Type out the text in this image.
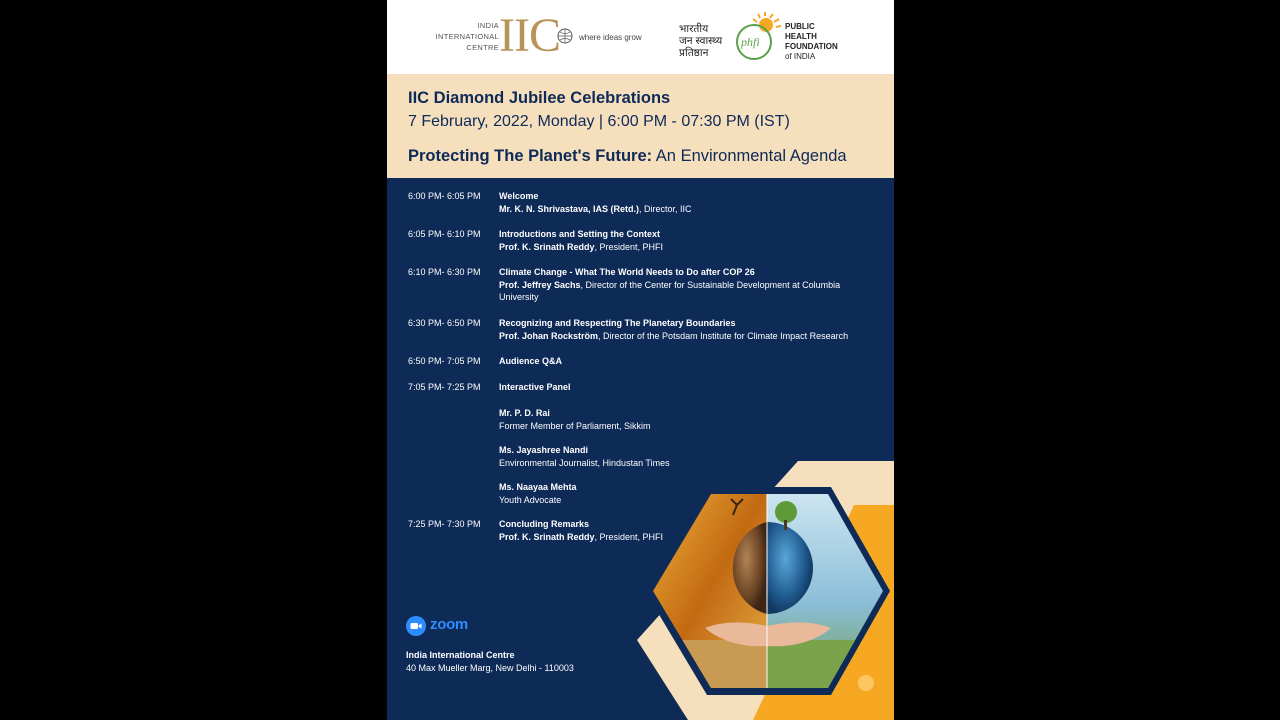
INDIA
INTERNATIONAL
CENTRE IIC where ideas grow
भारतीय
जन स्वास्थ्य
प्रतिष्ठान
phfi
PUBLIC
HEALTH
FOUNDATION
of INDIA
IIC Diamond Jubilee Celebrations
7 February, 2022, Monday | 6:00 PM - 07:30 PM (IST)
Protecting The Planet's Future: An Environmental Agenda
6:00 PM- 6:05 PM	Welcome
Mr. K. N. Shrivastava, IAS (Retd.), Director, IIC
6:05 PM- 6:10 PM	Introductions and Setting the Context
Prof. K. Srinath Reddy, President, PHFI
6:10 PM- 6:30 PM	Climate Change - What The World Needs to Do after COP 26
Prof. Jeffrey Sachs, Director of the Center for Sustainable Development at Columbia University
6:30 PM- 6:50 PM	Recognizing and Respecting The Planetary Boundaries
Prof. Johan Rockström, Director of the Potsdam Institute for Climate Impact Research
6:50 PM- 7:05 PM	Audience Q&A
7:05 PM- 7:25 PM	Interactive Panel
Mr. P. D. Rai
Former Member of Parliament, Sikkim
Ms. Jayashree Nandi
Environmental Journalist, Hindustan Times
Ms. Naayaa Mehta
Youth Advocate
7:25 PM- 7:30 PM	Concluding Remarks
Prof. K. Srinath Reddy, President, PHFI
zoom
India International Centre
40 Max Mueller Marg, New Delhi - 110003
